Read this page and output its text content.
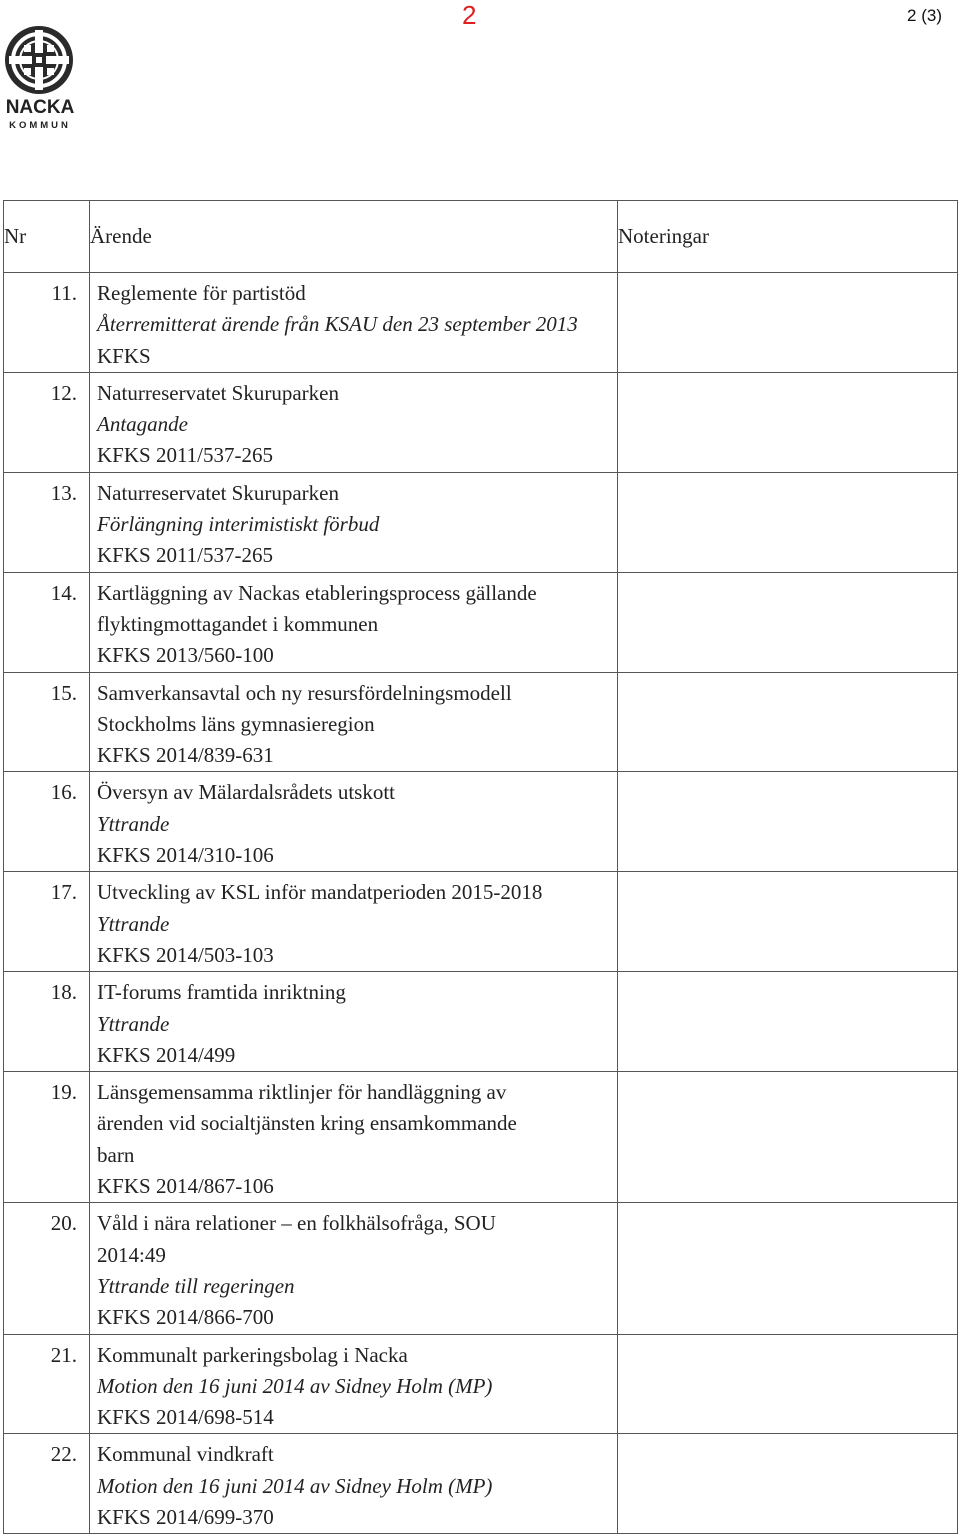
2	2 (3)
NACKA
KOMMUN
Nr	Ärende	Noteringar
11.	Reglemente för partistöd
Återremitterat ärende från KSAU den 23 september 2013
KFKS	

12.	Naturreservatet Skuruparken
Antagande
KFKS 2011/537-265	

13.	Naturreservatet Skuruparken
Förlängning interimistiskt förbud
KFKS 2011/537-265	

14.	Kartläggning av Nackas etableringsprocess gällande
flyktingmottagandet i kommunen
KFKS 2013/560-100	

15.	Samverkansavtal och ny resursfördelningsmodell
Stockholms läns gymnasieregion
KFKS 2014/839-631	

16.	Översyn av Mälardalsrådets utskott
Yttrande
KFKS 2014/310-106	

17.	Utveckling av KSL inför mandatperioden 2015-2018
Yttrande
KFKS 2014/503-103	

18.	IT-forums framtida inriktning
Yttrande
KFKS 2014/499	

19.	Länsgemensamma riktlinjer för handläggning av
ärenden vid socialtjänsten kring ensamkommande
barn
KFKS 2014/867-106	

20.	Våld i nära relationer – en folkhälsofråga, SOU
2014:49
Yttrande till regeringen
KFKS 2014/866-700	

21.	Kommunalt parkeringsbolag i Nacka
Motion den 16 juni 2014 av Sidney Holm (MP)
KFKS 2014/698-514	

22.	Kommunal vindkraft
Motion den 16 juni 2014 av Sidney Holm (MP)
KFKS 2014/699-370	
